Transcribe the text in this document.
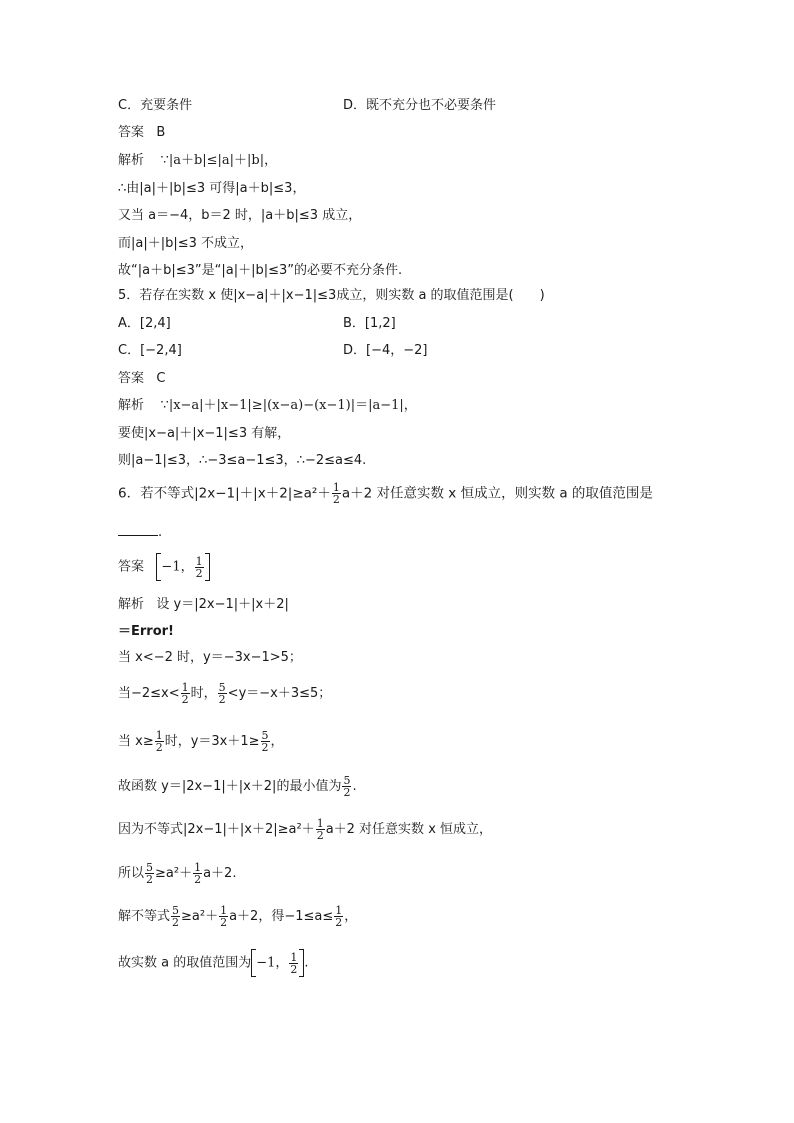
C．充要条件	D．既不充分也不必要条件
答案 B
解析 ∵|a＋b|≤|a|＋|b|，
∴由|a|＋|b|≤3 可得|a＋b|≤3，
又当 a＝−4，b＝2 时，|a＋b|≤3 成立，
而|a|＋|b|≤3 不成立，
故“|a＋b|≤3”是“|a|＋|b|≤3”的必要不充分条件.
5．若存在实数 x 使|x−a|＋|x−1|≤3成立，则实数 a 的取值范围是(　　)
A．[2,4]	B．[1,2]
C．[−2,4]	D．[−4，−2]
答案 C
解析 ∵|x−a|＋|x−1|≥|(x−a)−(x−1)|＝|a−1|，
要使|x−a|＋|x−1|≤3 有解，
则|a−1|≤3，∴−3≤a−1≤3，∴−2≤a≤4.
6．若不等式$|2x-1|+|x+2|\ge a^2+ \frac{1}{2} a+2$ 对任意实数 x 恒成立，则实数 a 的取值范围是
.
答案 −1， $\frac{1}{2}$
解析 设 y＝|2x−1|＋|x＋2|
＝Error!
当 x<−2 时，y＝−3x−1>5；
当$-2\le x< \frac{1}{2}$ 时， $\frac{5}{2} <y=-x+3\le 5$；
当 $x\ge \frac{1}{2}$ 时，$y=3x+1\ge \frac{5}{2}$ ，
故函数 y＝|2x−1|＋|x＋2|的最小值为 $\frac{5}{2}$ .
因为不等式$|2x-1|+|x+2|\ge a^2+ \frac{1}{2} a+2$ 对任意实数 x 恒成立，
所以 $\frac{5}{2} \ge a^2+ \frac{1}{2} a+2$.
解不等式 $\frac{5}{2} \ge a^2+ \frac{1}{2} a+2$，得$-1\le a\le \frac{1}{2}$ ，
故实数 a 的取值范围为 −1， $\frac{1}{2}$ .
